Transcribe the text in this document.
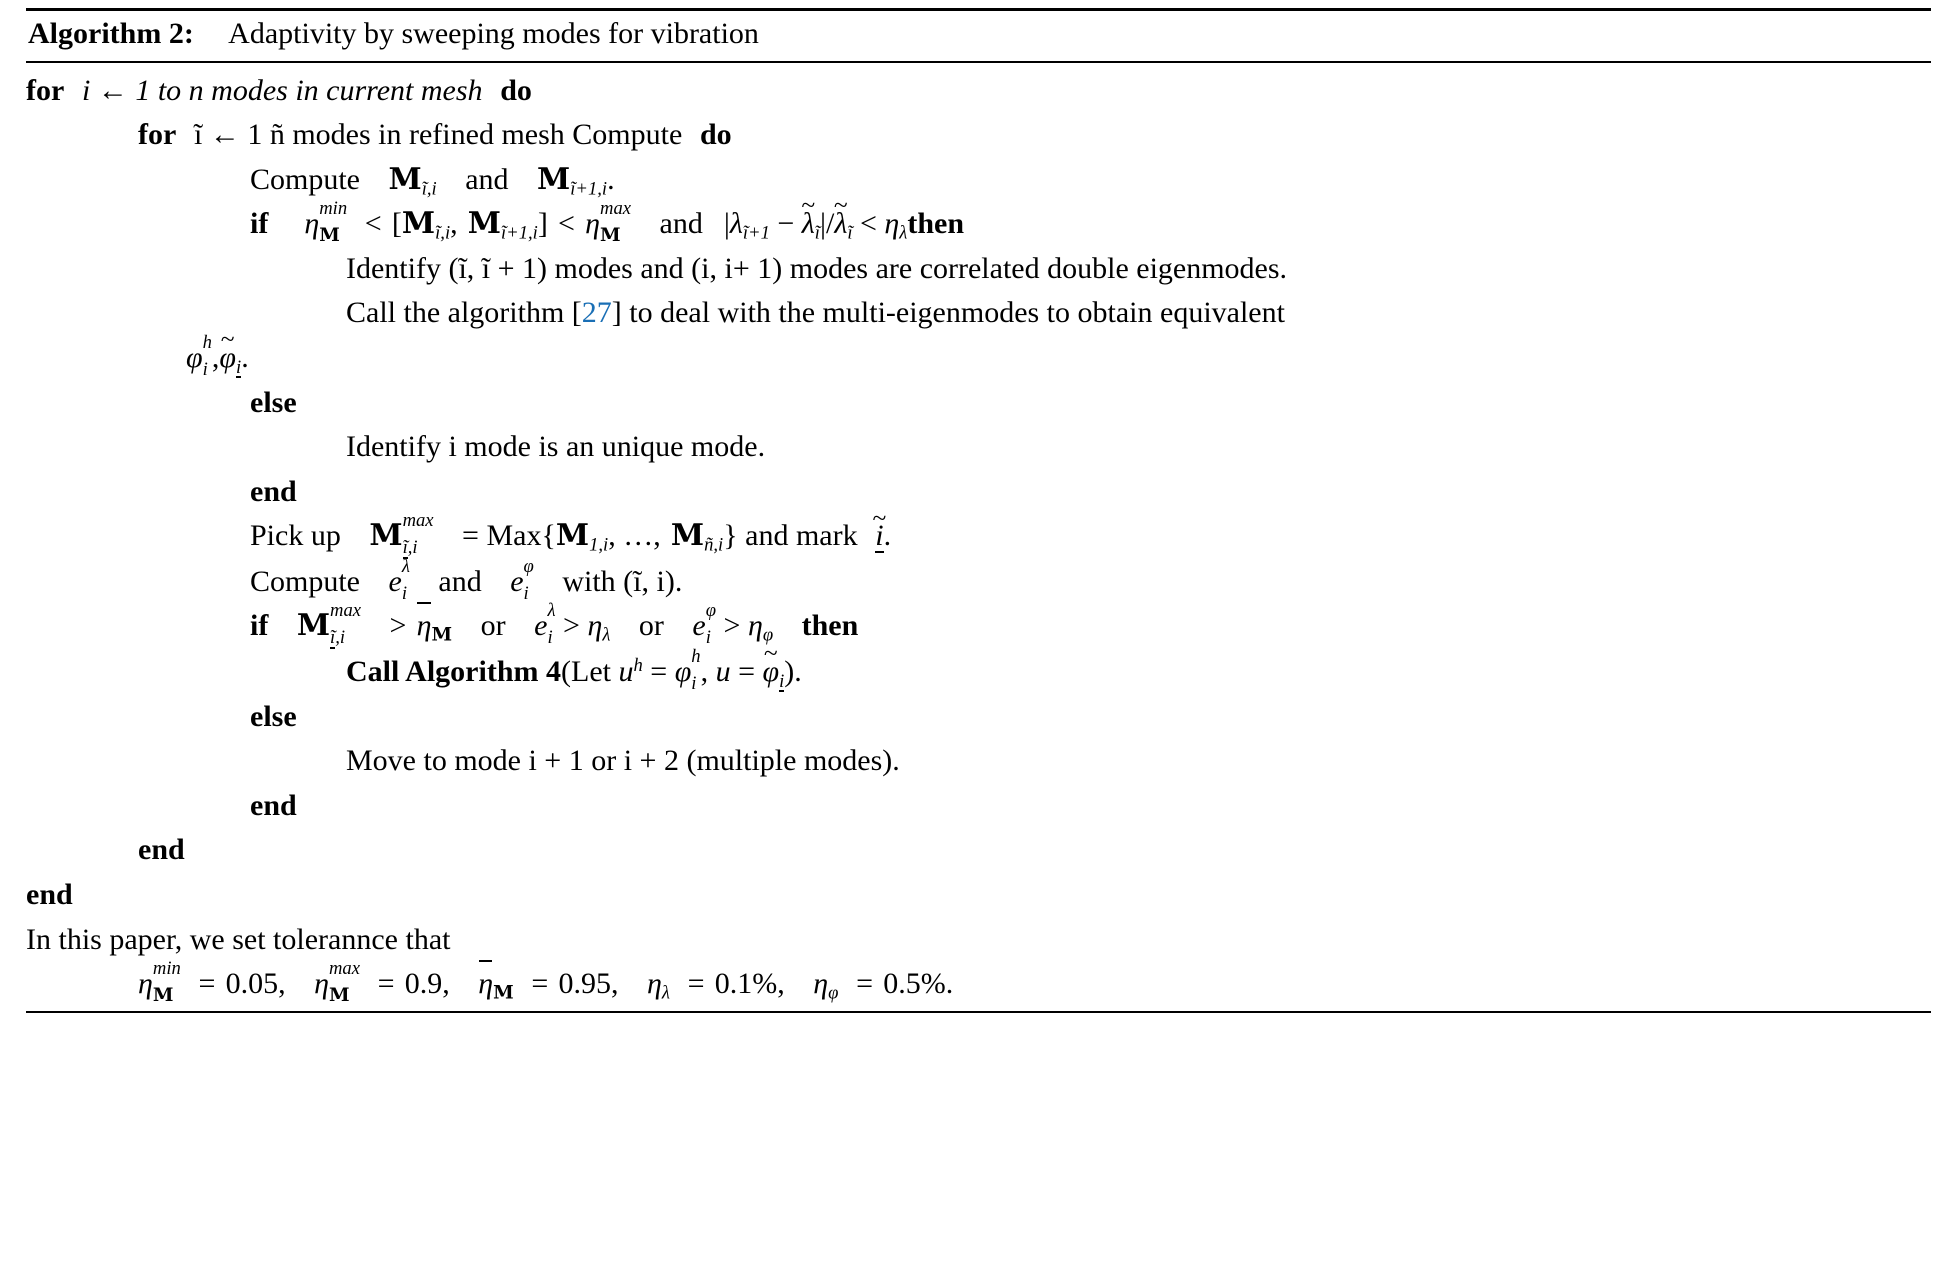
Algorithm 2: Adaptivity by sweeping modes for vibration
for i ← 1 to n modes in current mesh do
for ĩ ← 1 ñ modes in refined mesh Compute do
Compute $M_{ĩ,i}$ and $M_{ĩ+1,i}$.
if η min
$M < [M_{ĩ,i}$, $M_{ĩ+1,i}] < \eta$ max
M	and $|\lambda_{ĩ+1} - \lambda$ $\sim_ĩ|/\lambda$ $\sim_ĩ$ < $\eta_\lambda then$
Identify (ĩ, ĩ + 1) modes and (i, i+ 1) modes are correlated double eigenmodes.
Call the algorithm [27] to deal with the multi-eigenmodes to obtain equivalent
φ h
i ,φ $\sim_i$.
else
Identify i mode is an unique mode.
end
Pick up M max
ĩ,i	= $Max\{M_{1,i}$, …, $M_{ñ,i}$} and mark i ~.
Compute e λ
i and e φ
i with (ĩ, i).
if M max
ĩ,i	> $\eta_M$ or e λ
$i > \eta_\lambda$ or e φ
$i > \eta_\varphi$ then
Call Algorithm 4(Let $u^h = \varphi$ h
i , u = φ $\sim_i$).
else
Move to mode i + 1 or i + 2 (multiple modes).
end
end
end
In this paper, we set tolerannce that
η min
M = 0.05, η max
M = 0.9, $\eta_M = 0.95$, $\eta_\lambda = 0.1\%$, $\eta_\varphi = 0.5\%$.
